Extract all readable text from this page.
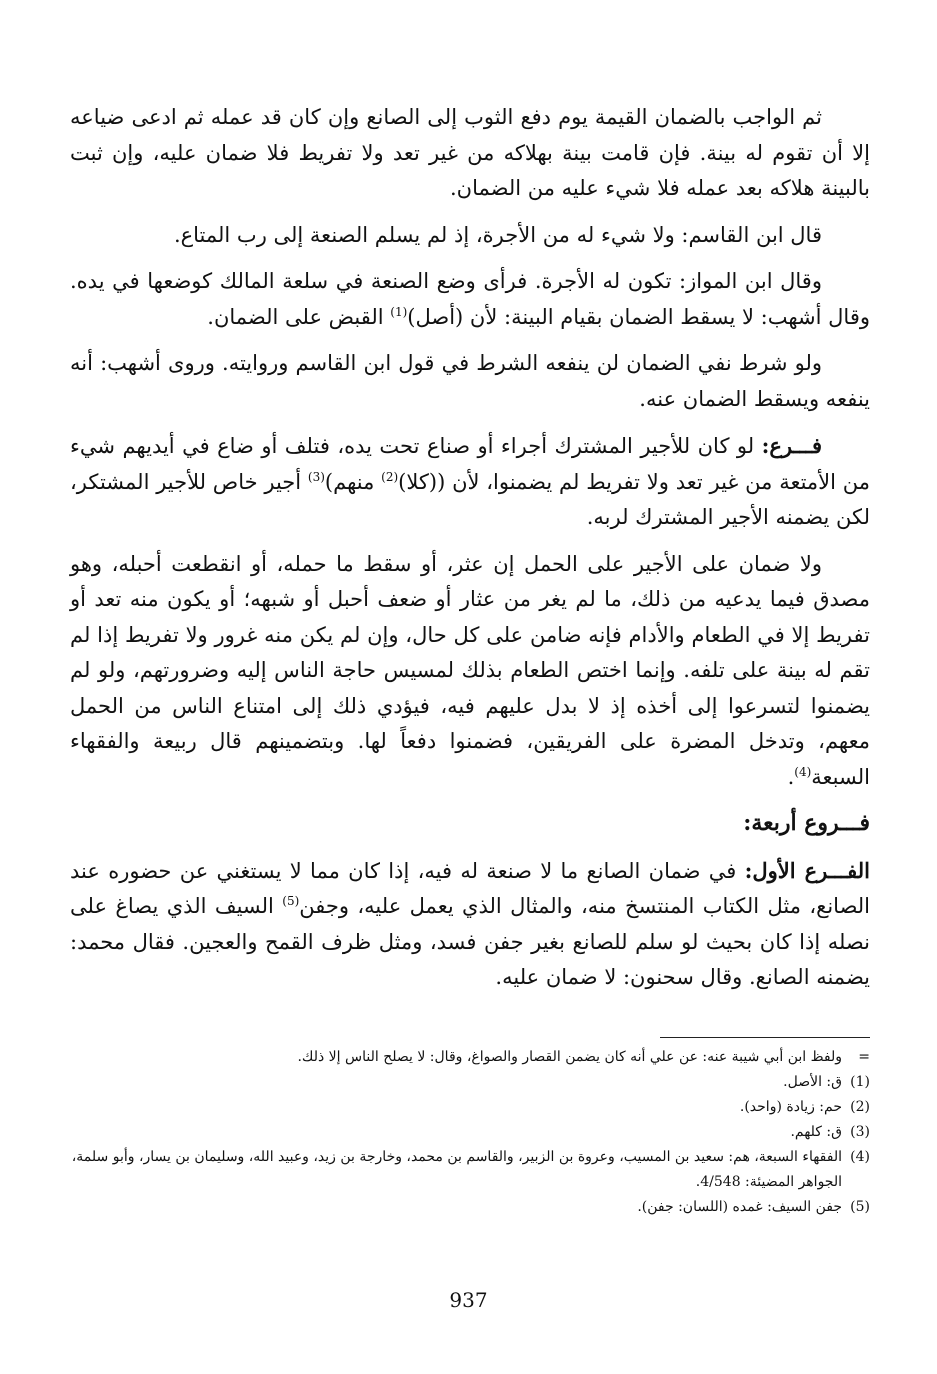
ثم الواجب بالضمان القيمة يوم دفع الثوب إلى الصانع وإن كان قد عمله ثم ادعى ضياعه إلا أن تقوم له بينة. فإن قامت بينة بهلاكه من غير تعد ولا تفريط فلا ضمان عليه، وإن ثبت بالبينة هلاكه بعد عمله فلا شيء عليه من الضمان.

قال ابن القاسم: ولا شيء له من الأجرة، إذ لم يسلم الصنعة إلى رب المتاع.

وقال ابن المواز: تكون له الأجرة. فرأى وضع الصنعة في سلعة المالك كوضعها في يده. وقال أشهب: لا يسقط الضمان بقيام البينة: لأن (أصل)$^{(1)}$ القبض على الضمان.

ولو شرط نفي الضمان لن ينفعه الشرط في قول ابن القاسم وروايته. وروى أشهب: أنه ينفعه ويسقط الضمان عنه.

فـــرع: لو كان للأجير المشترك أجراء أو صناع تحت يده، فتلف أو ضاع في أيديهم شيء من الأمتعة من غير تعد ولا تفريط لم يضمنوا، لأن ((كلا)$^{(2)}$ منهم)$^{(3)}$ أجير خاص للأجير المشتكر، لكن يضمنه الأجير المشترك لربه.

ولا ضمان على الأجير على الحمل إن عثر، أو سقط ما حمله، أو انقطعت أحبله، وهو مصدق فيما يدعيه من ذلك، ما لم يغر من عثار أو ضعف أحبل أو شبهه؛ أو يكون منه تعد أو تفريط إلا في الطعام والأدام فإنه ضامن على كل حال، وإن لم يكن منه غرور ولا تفريط إذا لم تقم له بينة على تلفه. وإنما اختص الطعام بذلك لمسيس حاجة الناس إليه وضرورتهم، ولو لم يضمنوا لتسرعوا إلى أخذه إذ لا بدل عليهم فيه، فيؤدي ذلك إلى امتناع الناس من الحمل معهم، وتدخل المضرة على الفريقين، فضمنوا دفعاً لها. وبتضمينهم قال ربيعة والفقهاء السبعة$^{(4)}$.

فـــروع أربعة:

الفـــرع الأول: في ضمان الصانع ما لا صنعة له فيه، إذا كان مما لا يستغني عن حضوره عند الصانع، مثل الكتاب المنتسخ منه، والمثال الذي يعمل عليه، وجفن$^{(5)}$ السيف الذي يصاغ على نصله إذا كان بحيث لو سلم للصانع بغير جفن فسد، ومثل ظرف القمح والعجين. فقال محمد: يضمنه الصانع. وقال سحنون: لا ضمان عليه.

=
ولفظ ابن أبي شيبة عنه: عن علي أنه كان يضمن القصار والصواغ، وقال: لا يصلح الناس إلا ذلك.
(1)
ق: الأصل.
(2)
حم: زيادة (واحد).
(3)
ق: كلهم.
(4)
الفقهاء السبعة، هم: سعيد بن المسيب، وعروة بن الزبير، والقاسم بن محمد، وخارجة بن زيد، وعبيد الله، وسليمان بن يسار، وأبو سلمة، الجواهر المضيئة: 4/548.
(5)
جفن السيف: غمده (اللسان: جفن).
937
